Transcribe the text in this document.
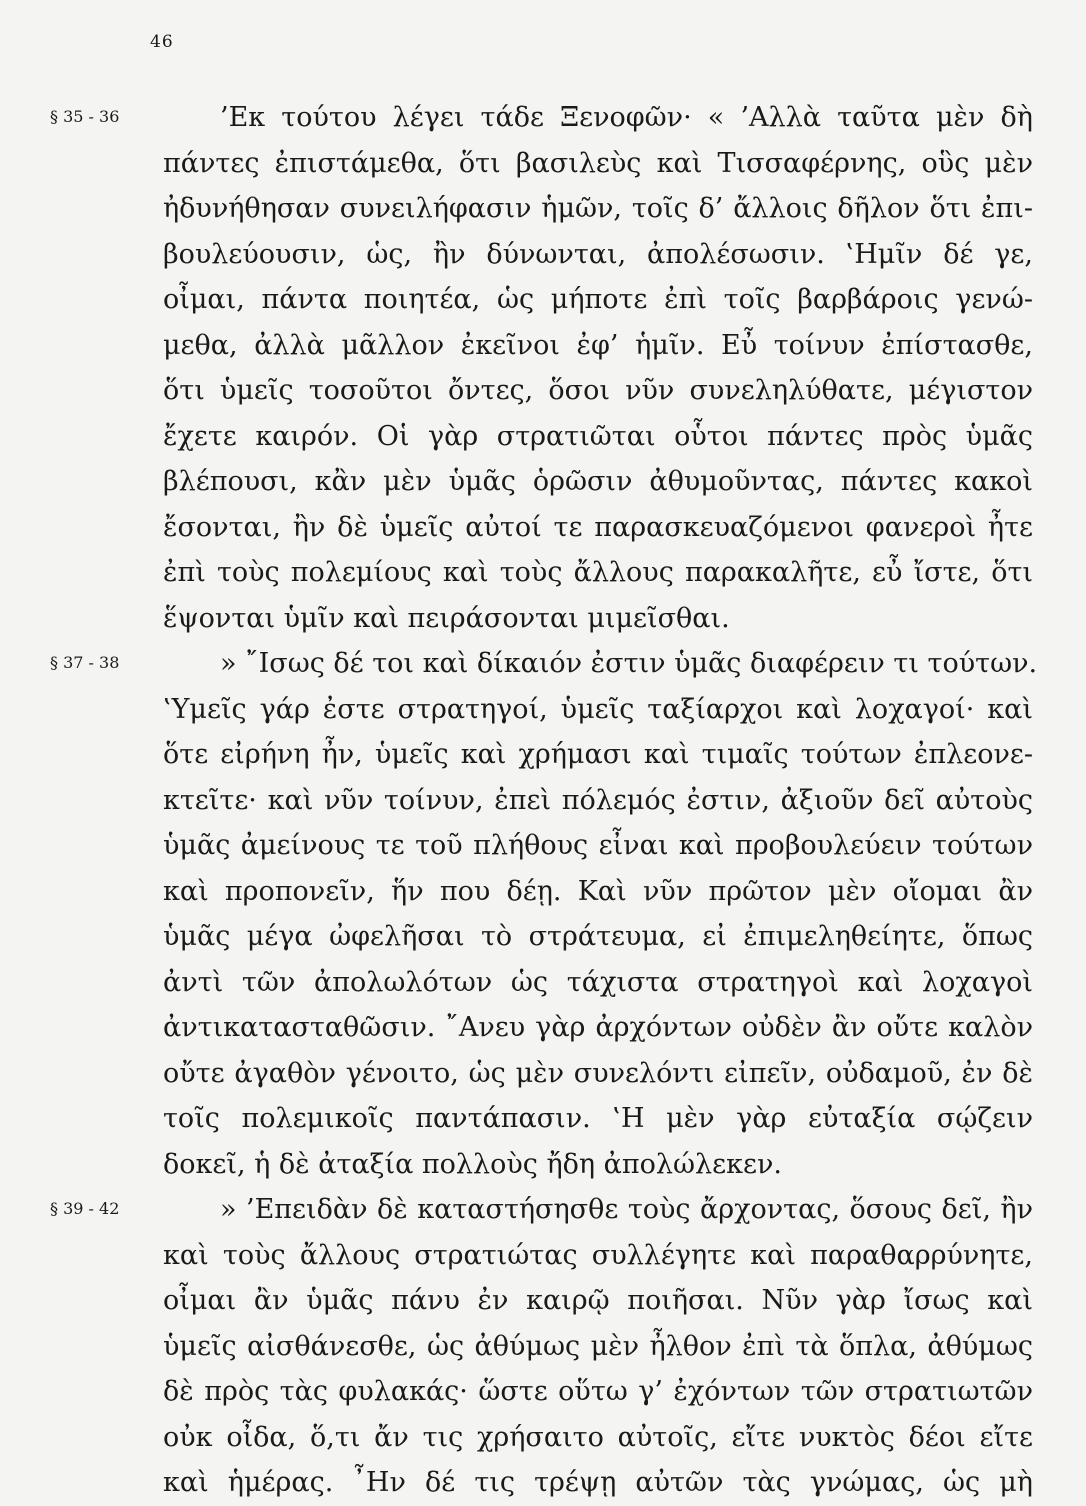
46
§ 35 - 36	’Εκ τούτου λέγει τάδε Ξενοφῶν· « ’Αλλὰ ταῦτα μὲν δὴ
πάντες ἐπιστάμεθα, ὅτι βασιλεὺς καὶ Τισσαφέρνης, οὓς μὲν
ἠδυνήθησαν συνειλήφασιν ἡμῶν, τοῖς δ’ ἄλλοις δῆλον ὅτι ἐπι-
βουλεύουσιν, ὡς, ἢν δύνωνται, ἀπολέσωσιν. ‛Ημῖν δέ γε,
οἶμαι, πάντα ποιητέα, ὡς μήποτε ἐπὶ τοῖς βαρβάροις γενώ-
μεθα, ἀλλὰ μᾶλλον ἐκεῖνοι ἐφ’ ἡμῖν. Εὖ τοίνυν ἐπίστασθε,
ὅτι ὑμεῖς τοσοῦτοι ὄντες, ὅσοι νῦν συνεληλύθατε, μέγιστον
ἔχετε καιρόν. Οἱ γὰρ στρατιῶται οὗτοι πάντες πρὸς ὑμᾶς
βλέπουσι, κἂν μὲν ὑμᾶς ὁρῶσιν ἀθυμοῦντας, πάντες κακοὶ
ἔσονται, ἢν δὲ ὑμεῖς αὐτοί τε παρασκευαζόμενοι φανεροὶ ἦτε
ἐπὶ τοὺς πολεμίους καὶ τοὺς ἄλλους παρακαλῆτε, εὖ ἴστε, ὅτι
ἕψονται ὑμῖν καὶ πειράσονται μιμεῖσθαι.
§ 37 - 38	» ῎Ισως δέ τοι καὶ δίκαιόν ἐστιν ὑμᾶς διαφέρειν τι τούτων.
‛Υμεῖς γάρ ἐστε στρατηγοί, ὑμεῖς ταξίαρχοι καὶ λοχαγοί· καὶ
ὅτε εἰρήνη ἦν, ὑμεῖς καὶ χρήμασι καὶ τιμαῖς τούτων ἐπλεονε-
κτεῖτε· καὶ νῦν τοίνυν, ἐπεὶ πόλεμός ἐστιν, ἀξιοῦν δεῖ αὐτοὺς
ὑμᾶς ἀμείνους τε τοῦ πλήθους εἶναι καὶ προβουλεύειν τούτων
καὶ προπονεῖν, ἥν που δέῃ. Καὶ νῦν πρῶτον μὲν οἴομαι ἂν
ὑμᾶς μέγα ὠφελῆσαι τὸ στράτευμα, εἰ ἐπιμεληθείητε, ὅπως
ἀντὶ τῶν ἀπολωλότων ὡς τάχιστα στρατηγοὶ καὶ λοχαγοὶ
ἀντικατασταθῶσιν. ῎Ανευ γὰρ ἀρχόντων οὐδὲν ἂν οὔτε καλὸν
οὔτε ἀγαθὸν γένοιτο, ὡς μὲν συνελόντι εἰπεῖν, οὐδαμοῦ, ἐν δὲ
τοῖς πολεμικοῖς παντάπασιν. ‛Η μὲν γὰρ εὐταξία σῴζειν
δοκεῖ, ἡ δὲ ἀταξία πολλοὺς ἤδη ἀπολώλεκεν.
§ 39 - 42	» ’Επειδὰν δὲ καταστήσησθε τοὺς ἄρχοντας, ὅσους δεῖ, ἢν
καὶ τοὺς ἄλλους στρατιώτας συλλέγητε καὶ παραθαρρύνητε,
οἶμαι ἂν ὑμᾶς πάνυ ἐν καιρῷ ποιῆσαι. Νῦν γὰρ ἴσως καὶ
ὑμεῖς αἰσθάνεσθε, ὡς ἀθύμως μὲν ἦλθον ἐπὶ τὰ ὅπλα, ἀθύμως
δὲ πρὸς τὰς φυλακάς· ὥστε οὕτω γ’ ἐχόντων τῶν στρατιωτῶν
οὐκ οἶδα, ὅ,τι ἄν τις χρήσαιτο αὐτοῖς, εἴτε νυκτὸς δέοι εἴτε
καὶ ἡμέρας. ῏Ην δέ τις τρέψῃ αὐτῶν τὰς γνώμας, ὡς μὴ
